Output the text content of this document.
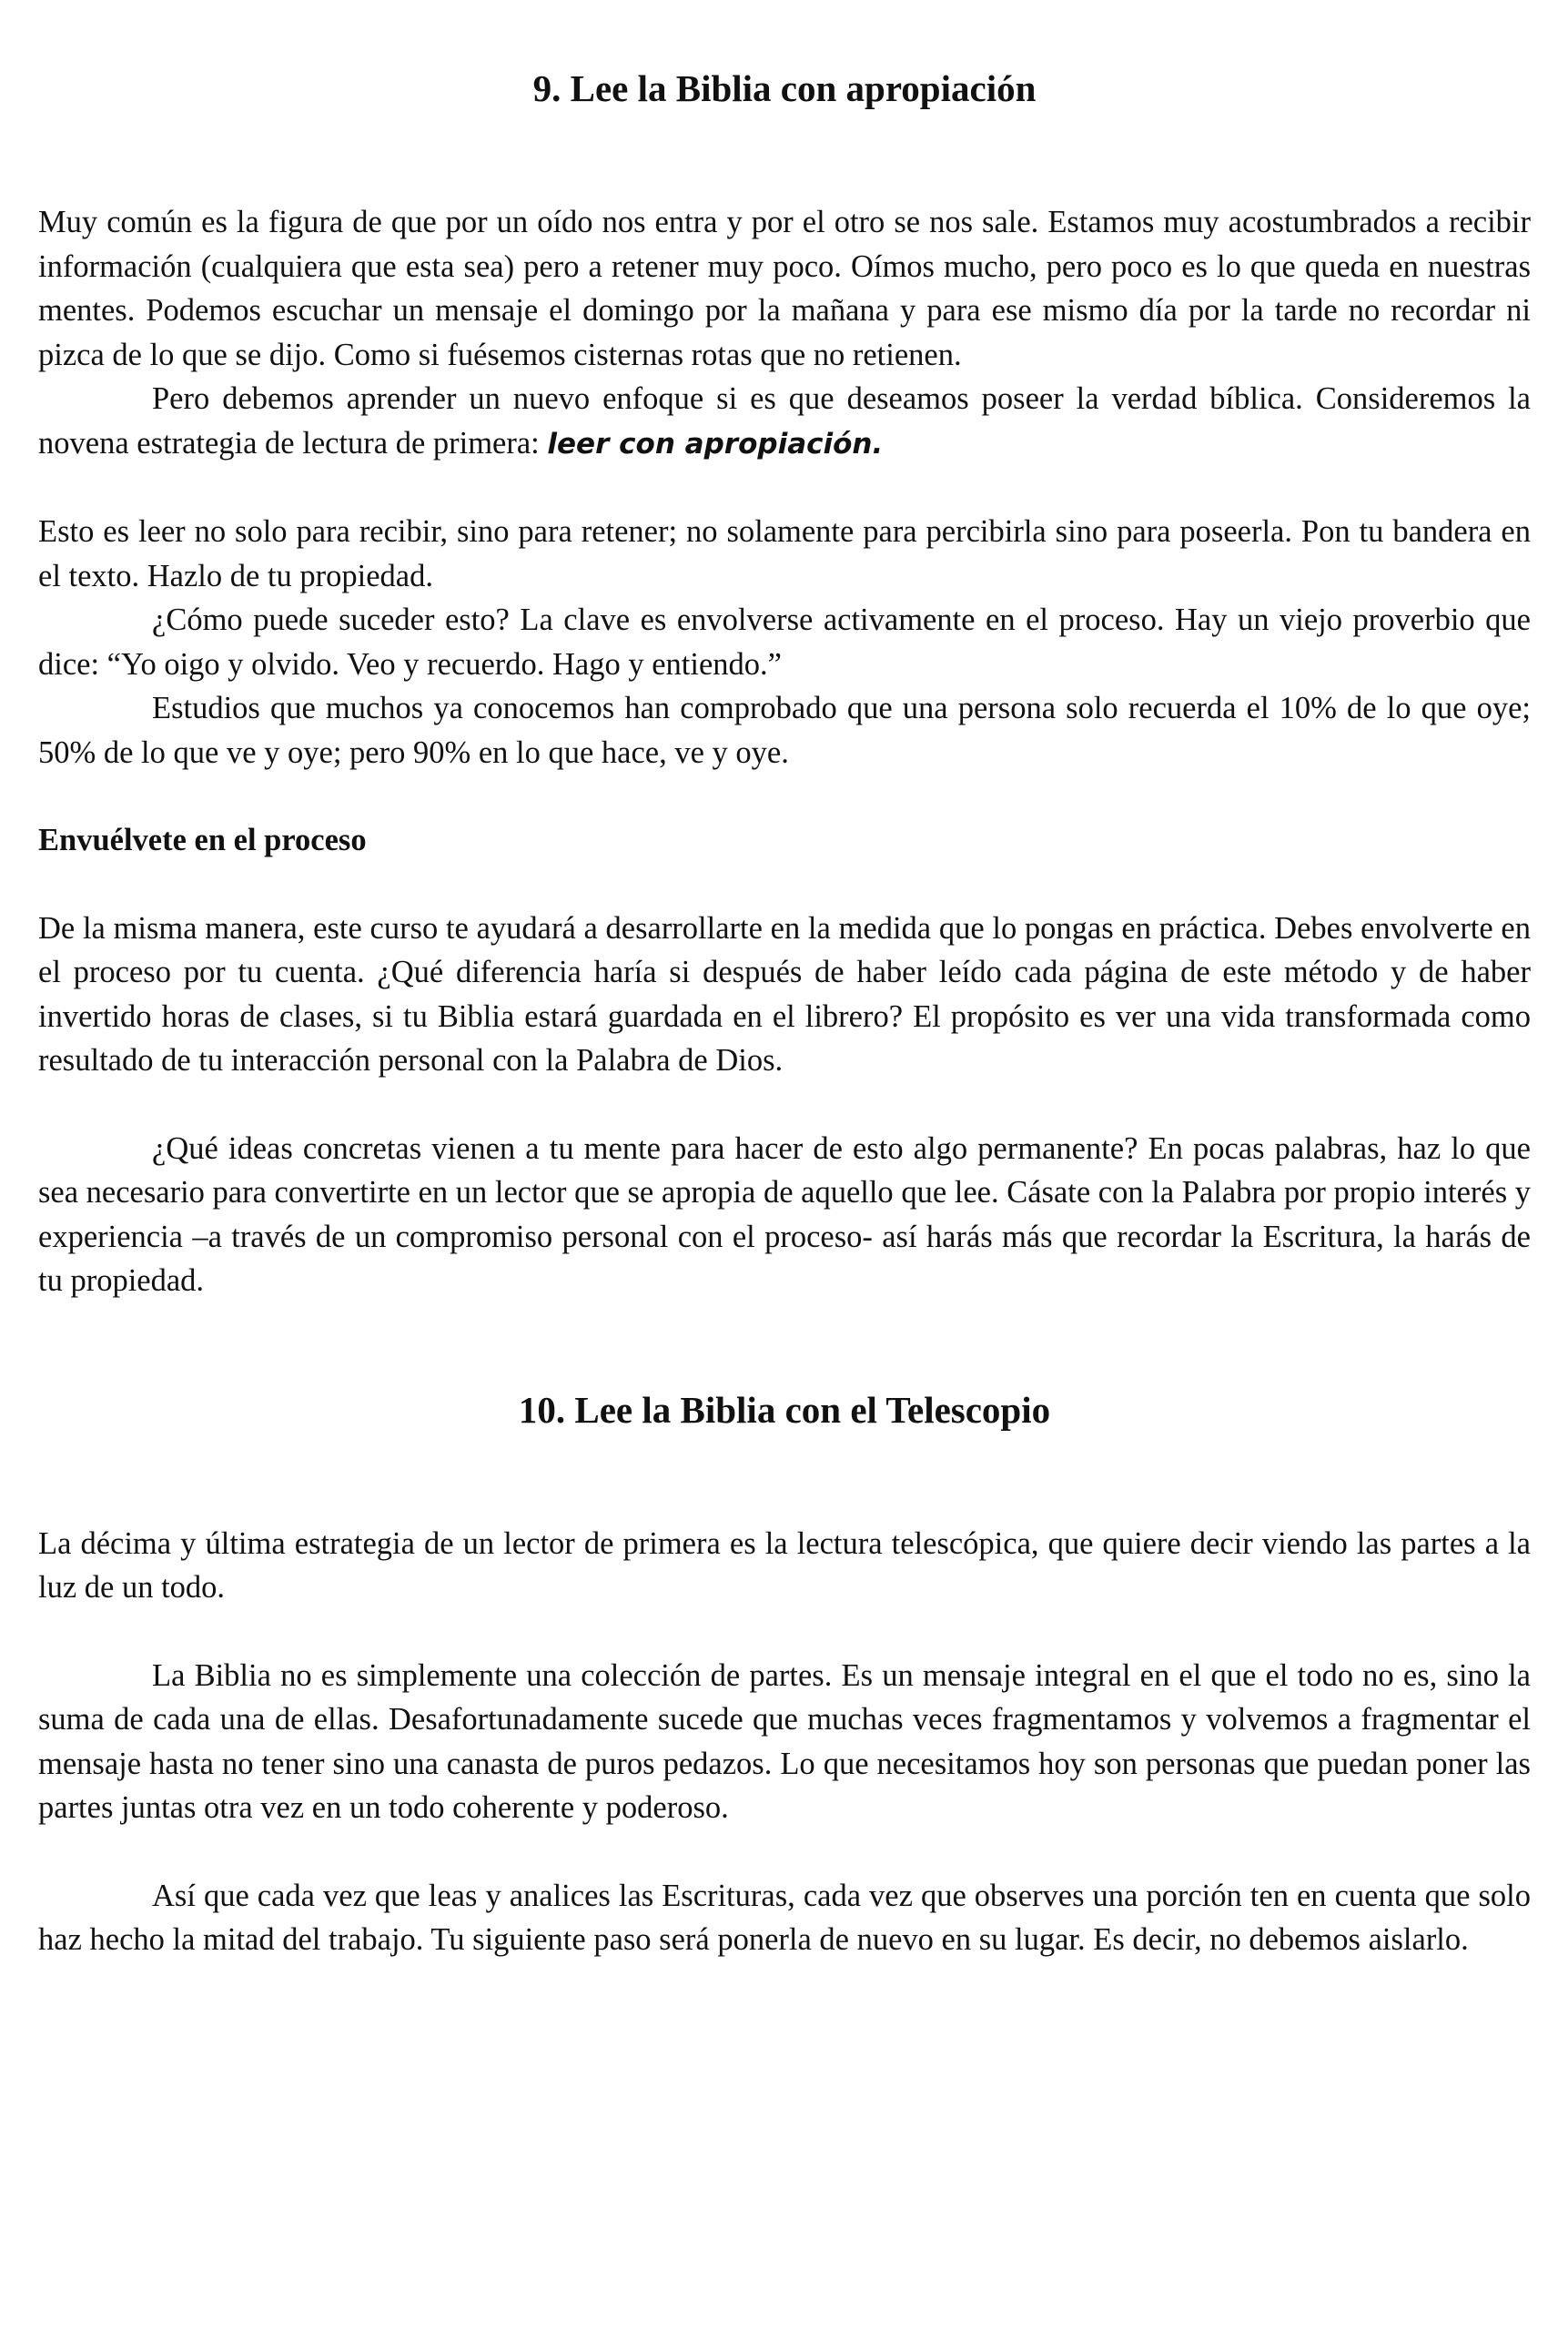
9. Lee la Biblia con apropiación

Muy común es la figura de que por un oído nos entra y por el otro se nos sale. Estamos muy acostumbrados a recibir información (cualquiera que esta sea) pero a retener muy poco. Oímos mucho, pero poco es lo que queda en nuestras mentes. Podemos escuchar un mensaje el domingo por la mañana y para ese mismo día por la tarde no recordar ni pizca de lo que se dijo. Como si fuésemos cisternas rotas que no retienen.

Pero debemos aprender un nuevo enfoque si es que deseamos poseer la verdad bíblica. Consideremos la novena estrategia de lectura de primera: leer con apropiación.

Esto es leer no solo para recibir, sino para retener; no solamente para percibirla sino para poseerla. Pon tu bandera en el texto. Hazlo de tu propiedad.

¿Cómo puede suceder esto? La clave es envolverse activamente en el proceso. Hay un viejo proverbio que dice: “Yo oigo y olvido. Veo y recuerdo. Hago y entiendo.”

Estudios que muchos ya conocemos han comprobado que una persona solo recuerda el 10% de lo que oye; 50% de lo que ve y oye; pero 90% en lo que hace, ve y oye.

Envuélvete en el proceso

De la misma manera, este curso te ayudará a desarrollarte en la medida que lo pongas en práctica. Debes envolverte en el proceso por tu cuenta. ¿Qué diferencia haría si después de haber leído cada página de este método y de haber invertido horas de clases, si tu Biblia estará guardada en el librero? El propósito es ver una vida transformada como resultado de tu interacción personal con la Palabra de Dios.

¿Qué ideas concretas vienen a tu mente para hacer de esto algo permanente? En pocas palabras, haz lo que sea necesario para convertirte en un lector que se apropia de aquello que lee. Cásate con la Palabra por propio interés y experiencia –a través de un compromiso personal con el proceso- así harás más que recordar la Escritura, la harás de tu propiedad.

10. Lee la Biblia con el Telescopio

La décima y última estrategia de un lector de primera es la lectura telescópica, que quiere decir viendo las partes a la luz de un todo.

La Biblia no es simplemente una colección de partes. Es un mensaje integral en el que el todo no es, sino la suma de cada una de ellas. Desafortunadamente sucede que muchas veces fragmentamos y volvemos a fragmentar el mensaje hasta no tener sino una canasta de puros pedazos. Lo que necesitamos hoy son personas que puedan poner las partes juntas otra vez en un todo coherente y poderoso.

Así que cada vez que leas y analices las Escrituras, cada vez que observes una porción ten en cuenta que solo haz hecho la mitad del trabajo. Tu siguiente paso será ponerla de nuevo en su lugar. Es decir, no debemos aislarlo.
